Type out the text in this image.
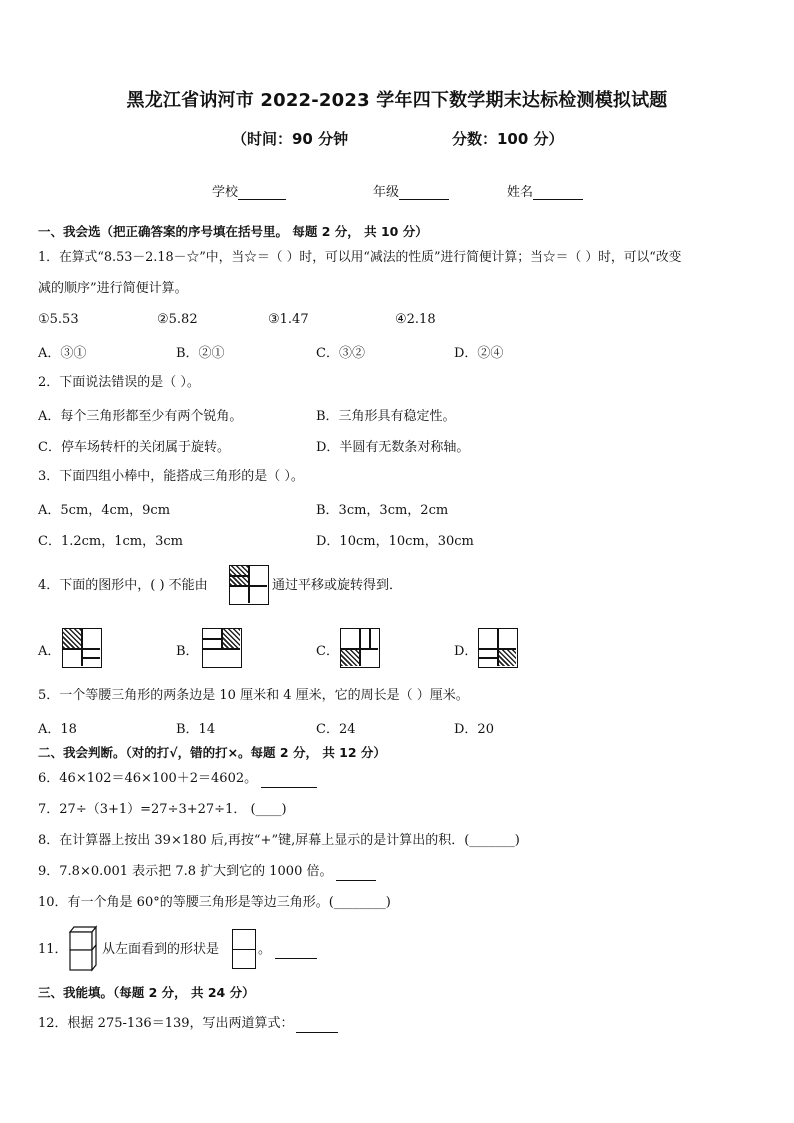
黑龙江省讷河市 2022-2023 学年四下数学期末达标检测模拟试题
（时间：90 分钟	分数：100 分）
学校	年级	姓名
一、我会选（把正确答案的序号填在括号里。 每题 2 分， 共 10 分）
1．在算式“8.53－2.18－☆”中，当☆＝（ ）时，可以用“减法的性质”进行简便计算；当☆＝（ ）时，可以“改变
减的顺序”进行简便计算。
①5.53	②5.82	③1.47	④2.18
A．③①	B．②①	C．③②	D．②④
2．下面说法错误的是（ ）。
A．每个三角形都至少有两个锐角。	B．三角形具有稳定性。
C．停车场转杆的关闭属于旋转。	D．半圆有无数条对称轴。
3．下面四组小棒中，能搭成三角形的是（ ）。
A．5cm，4cm，9cm	B．3cm，3cm，2cm
C．1.2cm，1cm，3cm	D．10cm，10cm，30cm
4．下面的图形中，( ) 不能由	通过平移或旋转得到．
A．	B．	C．	D．
5．一个等腰三角形的两条边是 10 厘米和 4 厘米，它的周长是（ ）厘米。
A．18	B．14	C．24	D．20
二、我会判断。（对的打√，错的打×。每题 2 分， 共 12 分）
6．46×102＝46×100＋2＝4602。
7．27÷（3+1）=27÷3+27÷1． (____)
8．在计算器上按出 39×180 后,再按“+”键,屏幕上显示的是计算出的积．(_______)
9．7.8×0.001 表示把 7.8 扩大到它的 1000 倍。
10．有一个角是 60°的等腰三角形是等边三角形。(________)
11．	从左面看到的形状是	。
三、我能填。（每题 2 分， 共 24 分）
12．根据 275-136＝139，写出两道算式：
